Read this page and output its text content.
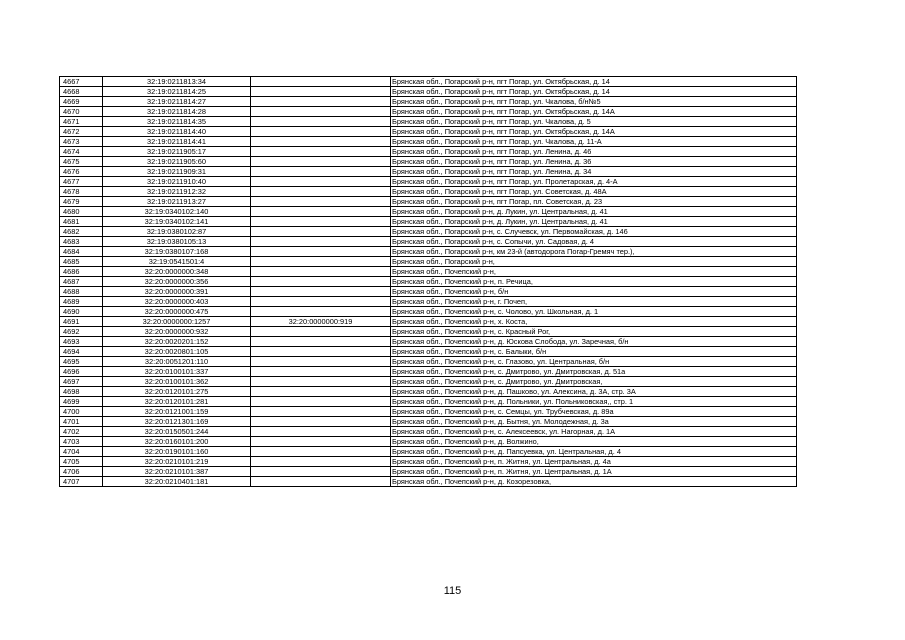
4667	32:19:0211813:34		Брянская обл., Погарский р-н, пгт Погар, ул. Октябрьская, д. 14
4668	32:19:0211814:25		Брянская обл., Погарский р-н, пгт Погар, ул. Октябрьская, д. 14
4669	32:19:0211814:27		Брянская обл., Погарский р-н, пгт Погар, ул. Чкалова, б/н№5
4670	32:19:0211814:28		Брянская обл., Погарский р-н, пгт Погар, ул. Октябрьская, д. 14А
4671	32:19:0211814:35		Брянская обл., Погарский р-н, пгт Погар, ул. Чкалова, д. 5
4672	32:19:0211814:40		Брянская обл., Погарский р-н, пгт Погар, ул. Октябрьская, д. 14А
4673	32:19:0211814:41		Брянская обл., Погарский р-н, пгт Погар, ул. Чкалова, д. 11-А
4674	32:19:0211905:17		Брянская обл., Погарский р-н, пгт Погар, ул. Ленина, д. 46
4675	32:19:0211905:60		Брянская обл., Погарский р-н, пгт Погар, ул. Ленина, д. 36
4676	32:19:0211909:31		Брянская обл., Погарский р-н, пгт Погар, ул. Ленина, д. 34
4677	32:19:0211910:40		Брянская обл., Погарский р-н, пгт Погар, ул. Пролетарская, д. 4-А
4678	32:19:0211912:32		Брянская обл., Погарский р-н, пгт Погар, ул. Советская, д. 48А
4679	32:19:0211913:27		Брянская обл., Погарский р-н, пгт Погар, пл. Советская, д. 23
4680	32:19:0340102:140		Брянская обл., Погарский р-н, д. Лукин, ул. Центральная, д. 41
4681	32:19:0340102:141		Брянская обл., Погарский р-н, д. Лукин, ул. Центральная, д. 41
4682	32:19:0380102:87		Брянская обл., Погарский р-н, с. Случевск, ул. Первомайская, д. 146
4683	32:19:0380105:13		Брянская обл., Погарский р-н, с. Сопычи, ул. Садовая, д. 4
4684	32:19:0380107:168		Брянская обл., Погарский р-н, км 23-й (автодорога Погар-Гремяч тер.),
4685	32:19:0541501:4		Брянская обл., Погарский р-н,
4686	32:20:0000000:348		Брянская обл., Почепский р-н,
4687	32:20:0000000:356		Брянская обл., Почепский р-н, п. Речица,
4688	32:20:0000000:391		Брянская обл., Почепский р-н, б/н
4689	32:20:0000000:403		Брянская обл., Почепский р-н, г. Почеп,
4690	32:20:0000000:475		Брянская обл., Почепский р-н, с. Чолово, ул. Школьная, д. 1
4691	32:20:0000000:1257	32:20:0000000:919	Брянская обл., Почепский р-н, х. Коста,
4692	32:20:0000000:932		Брянская обл., Почепский р-н, с. Красный Рог,
4693	32:20:0020201:152		Брянская обл., Почепский р-н, д. Юскова Слобода, ул. Заречная, б/н
4694	32:20:0020801:105		Брянская обл., Почепский р-н, с. Балыки, б/н
4695	32:20:0051201:110		Брянская обл., Почепский р-н, с. Глазово, ул. Центральная, б/н
4696	32:20:0100101:337		Брянская обл., Почепский р-н, с. Дмитрово, ул. Дмитровская, д. 51а
4697	32:20:0100101:362		Брянская обл., Почепский р-н, с. Дмитрово, ул. Дмитровская,
4698	32:20:0120101:275		Брянская обл., Почепский р-н, д. Пашково, ул. Алексина, д. 3А, стр. 3А
4699	32:20:0120101:281		Брянская обл., Почепский р-н, д. Польники, ул. Польниковская,, стр. 1
4700	32:20:0121001:159		Брянская обл., Почепский р-н, с. Семцы, ул. Трубчевская, д. 89а
4701	32:20:0121301:169		Брянская обл., Почепский р-н, д. Бытня, ул. Молодежная, д. 3а
4702	32:20:0150501:244		Брянская обл., Почепский р-н, с. Алексеевск, ул. Нагорная, д. 1А
4703	32:20:0160101:200		Брянская обл., Почепский р-н, д. Волжино,
4704	32:20:0190101:160		Брянская обл., Почепский р-н, д. Папсуевка, ул. Центральная, д. 4
4705	32:20:0210101:219		Брянская обл., Почепский р-н, п. Житня, ул. Центральная, д. 4а
4706	32:20:0210101:387		Брянская обл., Почепский р-н, п. Житня, ул. Центральная, д. 1А
4707	32:20:0210401:181		Брянская обл., Почепский р-н, д. Козорезовка,
115
